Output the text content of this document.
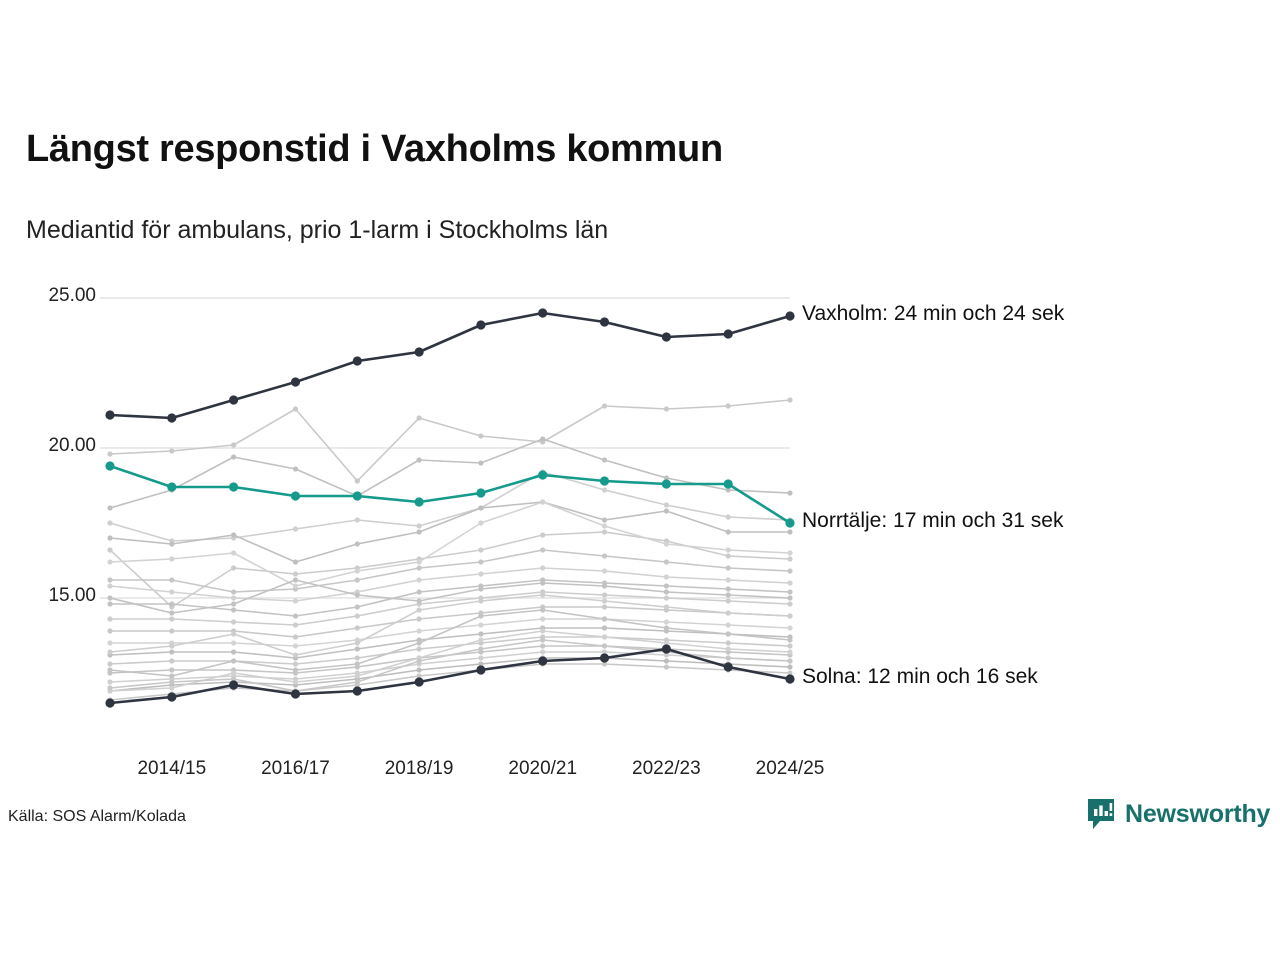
Längst responstid i Vaxholms kommun
Mediantid för ambulans, prio 1-larm i Stockholms län
Vaxholm: 24 min och 24 sek
Norrtälje: 17 min och 31 sek
Solna: 12 min och 16 sek
Källa: SOS Alarm/Kolada	Newsworthy
15.00
20.00
25.00
2014/15	2016/17	2018/19	2020/21	2022/23	2024/25
